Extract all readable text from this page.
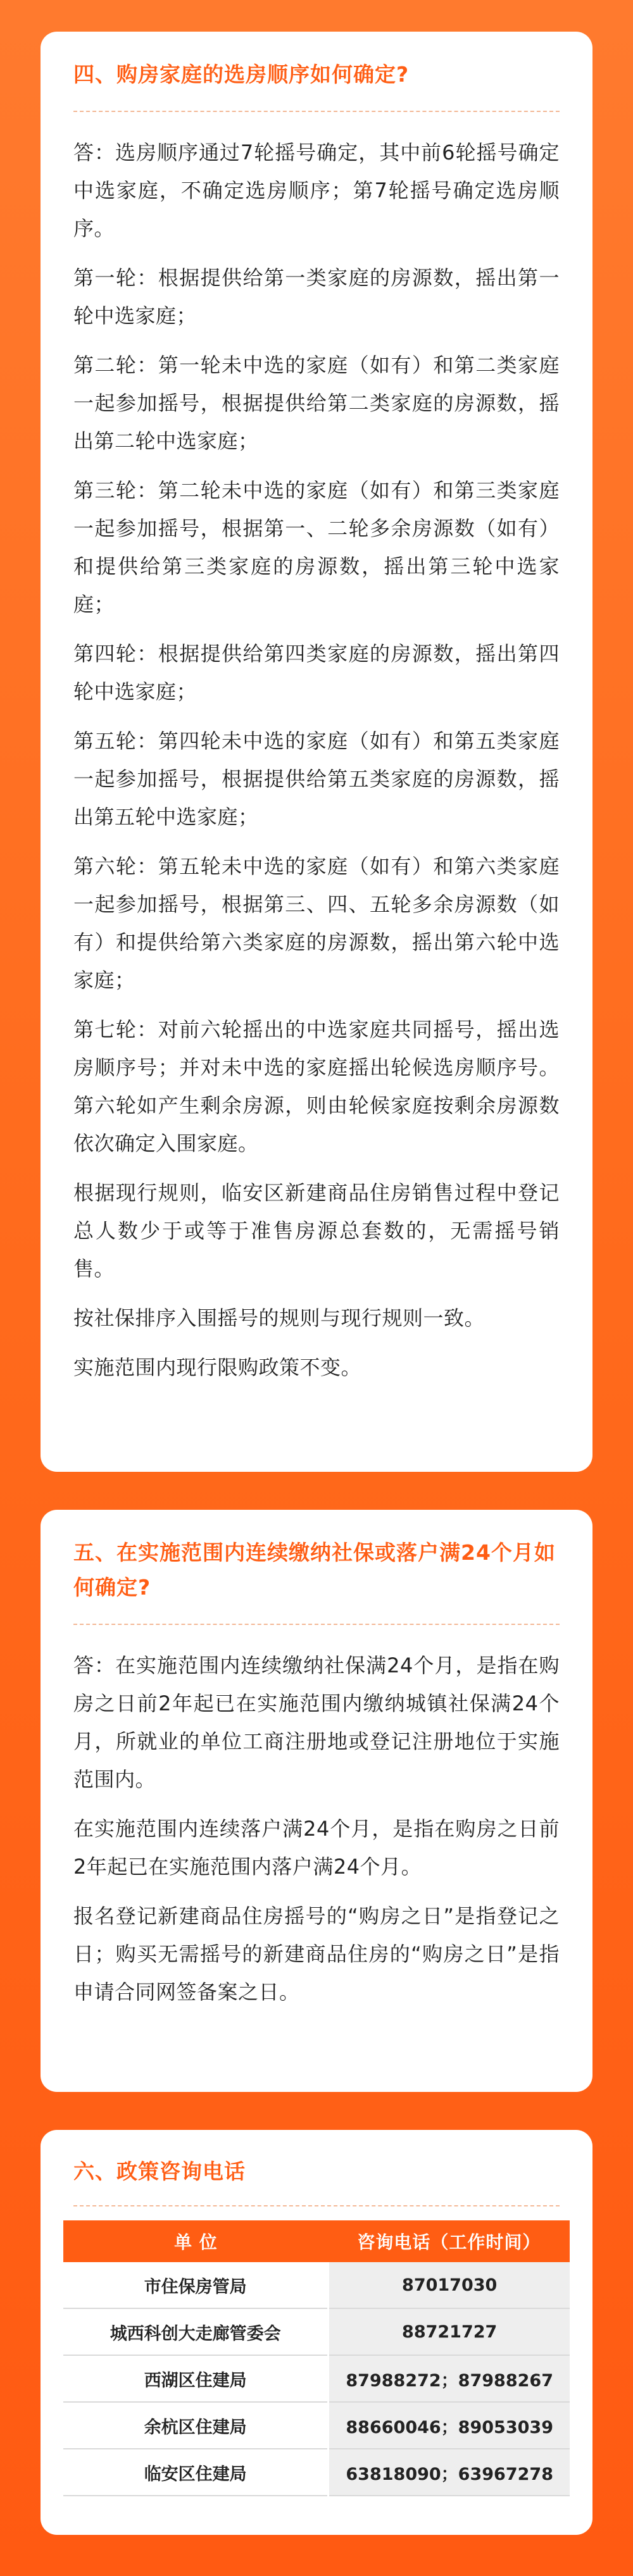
四、购房家庭的选房顺序如何确定?

答：选房顺序通过7轮摇号确定，其中前6轮摇号确定中选家庭，不确定选房顺序；第7轮摇号确定选房顺序。

第一轮：根据提供给第一类家庭的房源数，摇出第一轮中选家庭；

第二轮：第一轮未中选的家庭（如有）和第二类家庭一起参加摇号，根据提供给第二类家庭的房源数，摇出第二轮中选家庭；

第三轮：第二轮未中选的家庭（如有）和第三类家庭一起参加摇号，根据第一、二轮多余房源数（如有）和提供给第三类家庭的房源数，摇出第三轮中选家庭；

第四轮：根据提供给第四类家庭的房源数，摇出第四轮中选家庭；

第五轮：第四轮未中选的家庭（如有）和第五类家庭一起参加摇号，根据提供给第五类家庭的房源数，摇出第五轮中选家庭；

第六轮：第五轮未中选的家庭（如有）和第六类家庭一起参加摇号，根据第三、四、五轮多余房源数（如有）和提供给第六类家庭的房源数，摇出第六轮中选家庭；

第七轮：对前六轮摇出的中选家庭共同摇号，摇出选房顺序号；并对未中选的家庭摇出轮候选房顺序号。第六轮如产生剩余房源，则由轮候家庭按剩余房源数依次确定入围家庭。

根据现行规则，临安区新建商品住房销售过程中登记总人数少于或等于准售房源总套数的，无需摇号销售。

按社保排序入围摇号的规则与现行规则一致。

实施范围内现行限购政策不变。

五、在实施范围内连续缴纳社保或落户满24个月如何确定?

答：在实施范围内连续缴纳社保满24个月，是指在购房之日前2年起已在实施范围内缴纳城镇社保满24个月，所就业的单位工商注册地或登记注册地位于实施范围内。

在实施范围内连续落户满24个月，是指在购房之日前2年起已在实施范围内落户满24个月。

报名登记新建商品住房摇号的“购房之日”是指登记之日；购买无需摇号的新建商品住房的“购房之日”是指申请合同网签备案之日。

六、政策咨询电话
单 位	咨询电话（工作时间）
市住保房管局	87017030
城西科创大走廊管委会	88721727
西湖区住建局	87988272；87988267
余杭区住建局	88660046；89053039
临安区住建局	63818090；63967278
